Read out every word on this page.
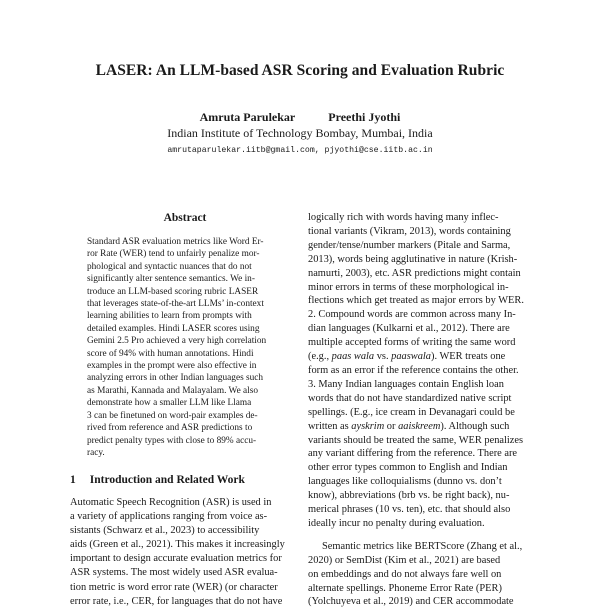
LASER: An LLM-based ASR Scoring and Evaluation Rubric
Amruta Parulekar	Preethi Jyothi
Indian Institute of Technology Bombay, Mumbai, India
amrutaparulekar.iitb@gmail.com, pjyothi@cse.iitb.ac.in
Abstract
Standard ASR evaluation metrics like Word Er-
ror Rate (WER) tend to unfairly penalize mor-
phological and syntactic nuances that do not
significantly alter sentence semantics. We in-
troduce an LLM-based scoring rubric LASER
that leverages state-of-the-art LLMs’ in-context
learning abilities to learn from prompts with
detailed examples. Hindi LASER scores using
Gemini 2.5 Pro achieved a very high correlation
score of 94% with human annotations. Hindi
examples in the prompt were also effective in
analyzing errors in other Indian languages such
as Marathi, Kannada and Malayalam. We also
demonstrate how a smaller LLM like Llama
3 can be finetuned on word-pair examples de-
rived from reference and ASR predictions to
predict penalty types with close to 89% accu-
racy.
1 Introduction and Related Work
Automatic Speech Recognition (ASR) is used in
a variety of applications ranging from voice as-
sistants (Schwarz et al., 2023) to accessibility
aids (Green et al., 2021). This makes it increasingly
important to design accurate evaluation metrics for
ASR systems. The most widely used ASR evalua-
tion metric is word error rate (WER) (or character
error rate, i.e., CER, for languages that do not have
logically rich with words having many inflec-
tional variants (Vikram, 2013), words containing
gender/tense/number markers (Pitale and Sarma,
2013), words being agglutinative in nature (Krish-
namurti, 2003), etc. ASR predictions might contain
minor errors in terms of these morphological in-
flections which get treated as major errors by WER.
2. Compound words are common across many In-
dian languages (Kulkarni et al., 2012). There are
multiple accepted forms of writing the same word
(e.g., paas wala vs. paaswala). WER treats one
form as an error if the reference contains the other.
3. Many Indian languages contain English loan
words that do not have standardized native script
spellings. (E.g., ice cream in Devanagari could be
written as ayskrim or aaiskreem). Although such
variants should be treated the same, WER penalizes
any variant differing from the reference. There are
other error types common to English and Indian
languages like colloquialisms (dunno vs. don’t
know), abbreviations (brb vs. be right back), nu-
merical phrases (10 vs. ten), etc. that should also
ideally incur no penalty during evaluation.
Semantic metrics like BERTScore (Zhang et al.,
2020) or SemDist (Kim et al., 2021) are based
on embeddings and do not always fare well on
alternate spellings. Phoneme Error Rate (PER)
(Yolchuyeva et al., 2019) and CER accommodate
